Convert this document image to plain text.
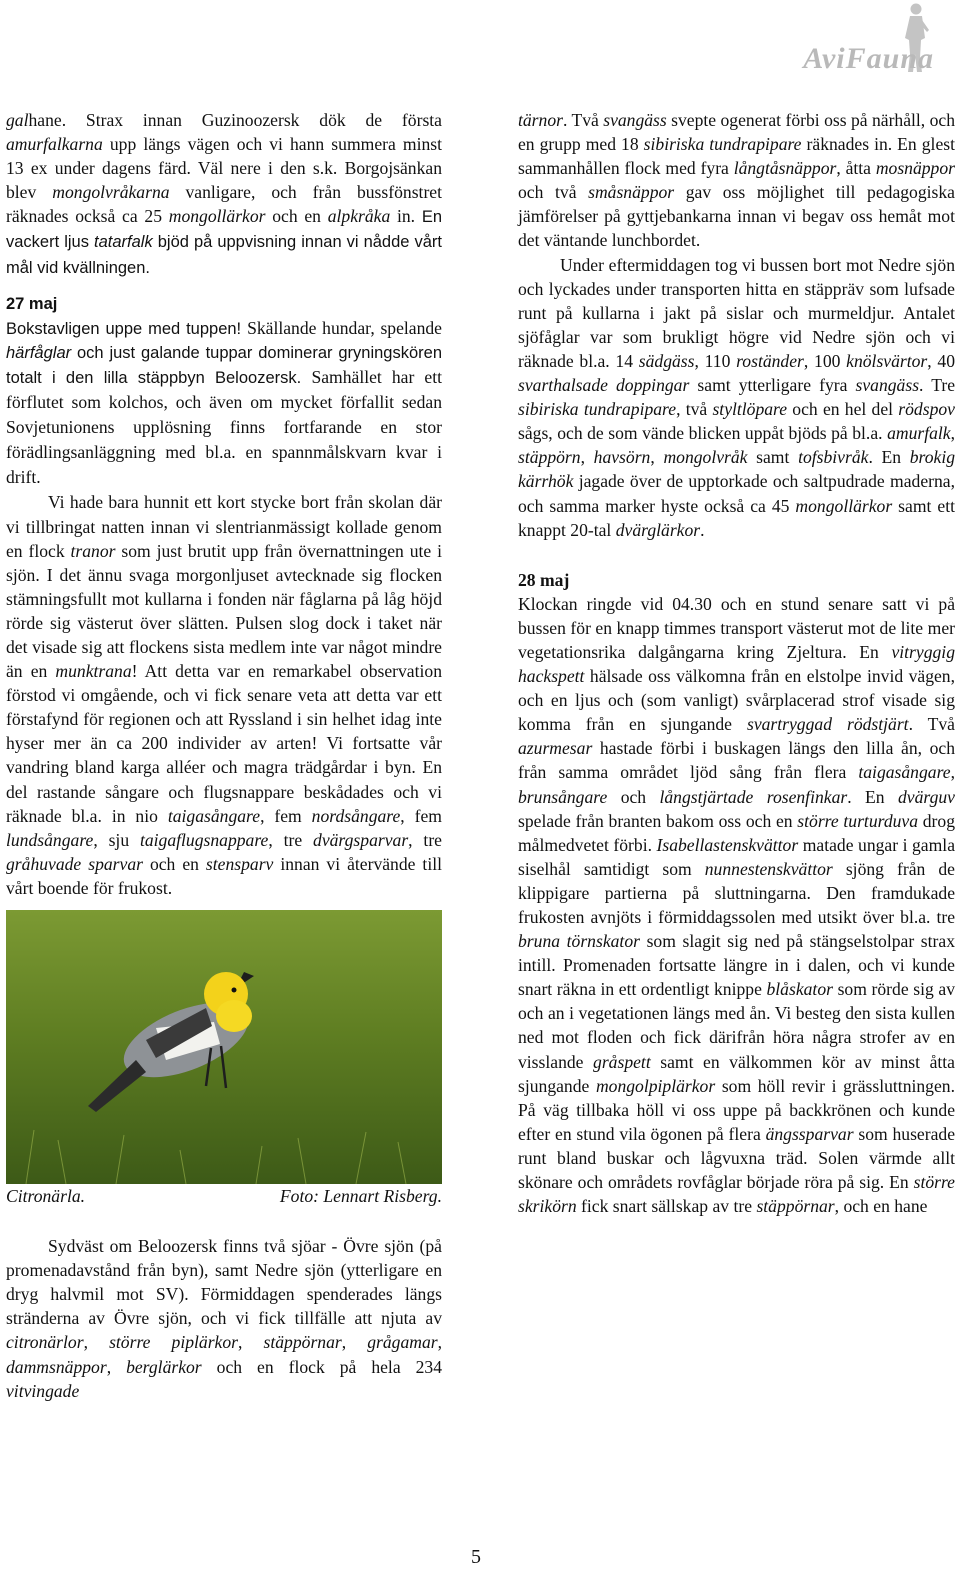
AviFauna

galhane. Strax innan Guzinoozersk dök de första amurfalkarna upp längs vägen och vi hann summera minst 13 ex under dagens färd. Väl nere i den s.k. Borgojsänkan blev mongolvråkarna vanligare, och från bussfönstret räknades också ca 25 mongollärkor och en alpkråka in. En vackert ljus tatarfalk bjöd på uppvisning innan vi nådde vårt mål vid kvällningen.

27 maj

Bokstavligen uppe med tuppen! Skällande hundar, spelande härfåglar och just galande tuppar dominerar gryningskören totalt i den lilla stäppbyn Beloozersk. Samhället har ett förflutet som kolchos, och även om mycket förfallit sedan Sovjetunionens upplösning finns fortfarande en stor förädlingsanläggning med bl.a. en spannmålskvarn kvar i drift.

Vi hade bara hunnit ett kort stycke bort från skolan där vi tillbringat natten innan vi slentrianmässigt kollade genom en flock tranor som just brutit upp från övernattningen ute i sjön. I det ännu svaga morgonljuset avtecknade sig flocken stämningsfullt mot kullarna i fonden när fåglarna på låg höjd rörde sig västerut över slätten. Pulsen slog dock i taket när det visade sig att flockens sista medlem inte var något mindre än en munktrana! Att detta var en remarkabel observation förstod vi omgående, och vi fick senare veta att detta var ett förstafynd för regionen och att Ryssland i sin helhet idag inte hyser mer än ca 200 individer av arten! Vi fortsatte vår vandring bland karga alléer och magra trädgårdar i byn. En del rastande sångare och flugsnappare beskådades och vi räknade bl.a. in nio taigasångare, fem nordsångare, fem lundsångare, sju taigaflugsnappare, tre dvärgsparvar, tre gråhuvade sparvar och en stensparv innan vi återvände till vårt boende för frukost.

Citronärla.	Foto: Lennart Risberg.

Sydväst om Beloozersk finns två sjöar - Övre sjön (på promenadavstånd från byn), samt Nedre sjön (ytterligare en dryg halvmil mot SV). Förmiddagen spenderades längs stränderna av Övre sjön, och vi fick tillfälle att njuta av citronärlor, större piplärkor, stäppörnar, grågamar, dammsnäppor, berglärkor och en flock på hela 234 vitvingade

tärnor. Två svangäss svepte ogenerat förbi oss på närhåll, och en grupp med 18 sibiriska tundrapipare räknades in. En glest sammanhållen flock med fyra långtåsnäppor, åtta mosnäppor och två småsnäppor gav oss möjlighet till pedagogiska jämförelser på gyttjebankarna innan vi begav oss hemåt mot det väntande lunchbordet.

Under eftermiddagen tog vi bussen bort mot Nedre sjön och lyckades under transporten hitta en stäppräv som lufsade runt på kullarna i jakt på sislar och murmeldjur. Antalet sjöfåglar var som brukligt högre vid Nedre sjön och vi räknade bl.a. 14 sädgäss, 110 roständer, 100 knölsvärtor, 40 svarthalsade doppingar samt ytterligare fyra svangäss. Tre sibiriska tundrapipare, två styltlöpare och en hel del rödspov sågs, och de som vände blicken uppåt bjöds på bl.a. amurfalk, stäppörn, havsörn, mongolvråk samt tofsbivråk. En brokig kärrhök jagade över de upptorkade och saltpudrade maderna, och samma marker hyste också ca 45 mongollärkor samt ett knappt 20-tal dvärglärkor.

28 maj

Klockan ringde vid 04.30 och en stund senare satt vi på bussen för en knapp timmes transport västerut mot de lite mer vegetationsrika dalgångarna kring Zjeltura. En vitryggig hackspett hälsade oss välkomna från en elstolpe invid vägen, och en ljus och (som vanligt) svårplacerad strof visade sig komma från en sjungande svartryggad rödstjärt. Två azurmesar hastade förbi i buskagen längs den lilla ån, och från samma området ljöd sång från flera taigasångare, brunsångare och långstjärtade rosenfinkar. En dvärguv spelade från branten bakom oss och en större turturduva drog målmedvetet förbi. Isabellastenskvättor matade ungar i gamla siselhål samtidigt som nunnestenskvättor sjöng från de klippigare partierna på sluttningarna. Den framdukade frukosten avnjöts i förmiddagssolen med utsikt över bl.a. tre bruna törnskator som slagit sig ned på stängselstolpar strax intill. Promenaden fortsatte längre in i dalen, och vi kunde snart räkna in ett ordentligt knippe blåskator som rörde sig av och an i vegetationen längs med ån. Vi besteg den sista kullen ned mot floden och fick därifrån höra några strofer av en visslande gråspett samt en välkommen kör av minst åtta sjungande mongolpiplärkor som höll revir i grässluttningen. På väg tillbaka höll vi oss uppe på backkrönen och kunde efter en stund vila ögonen på flera ängssparvar som huserade runt bland buskar och lågvuxna träd. Solen värmde allt skönare och områdets rovfåglar började röra på sig. En större skrikörn fick snart sällskap av tre stäppörnar, och en hane

5
